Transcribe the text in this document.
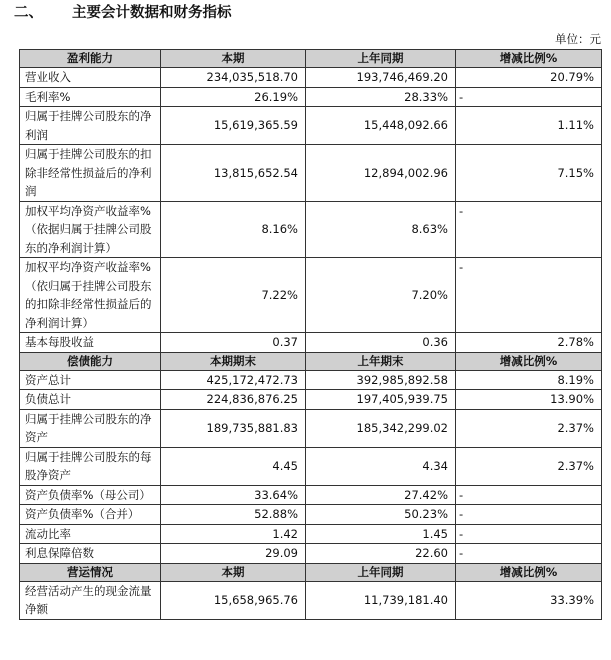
二、 主要会计数据和财务指标
单位：元
盈利能力	本期	上年同期	增减比例%
营业收入	234,035,518.70	193,746,469.20	20.79%
毛利率%	26.19%	28.33%	-
归属于挂牌公司股东的净利润	15,619,365.59	15,448,092.66	1.11%
归属于挂牌公司股东的扣除非经常性损益后的净利润	13,815,652.54	12,894,002.96	7.15%
加权平均净资产收益率%（依据归属于挂牌公司股东的净利润计算）	8.16%	8.63%	-
加权平均净资产收益率%（依归属于挂牌公司股东的扣除非经常性损益后的净利润计算）	7.22%	7.20%	-
基本每股收益	0.37	0.36	2.78%
偿债能力	本期期末	上年期末	增减比例%
资产总计	425,172,472.73	392,985,892.58	8.19%
负债总计	224,836,876.25	197,405,939.75	13.90%
归属于挂牌公司股东的净资产	189,735,881.83	185,342,299.02	2.37%
归属于挂牌公司股东的每股净资产	4.45	4.34	2.37%
资产负债率%（母公司）	33.64%	27.42%	-
资产负债率%（合并）	52.88%	50.23%	-
流动比率	1.42	1.45	-
利息保障倍数	29.09	22.60	-
营运情况	本期	上年同期	增减比例%
经营活动产生的现金流量净额	15,658,965.76	11,739,181.40	33.39%
